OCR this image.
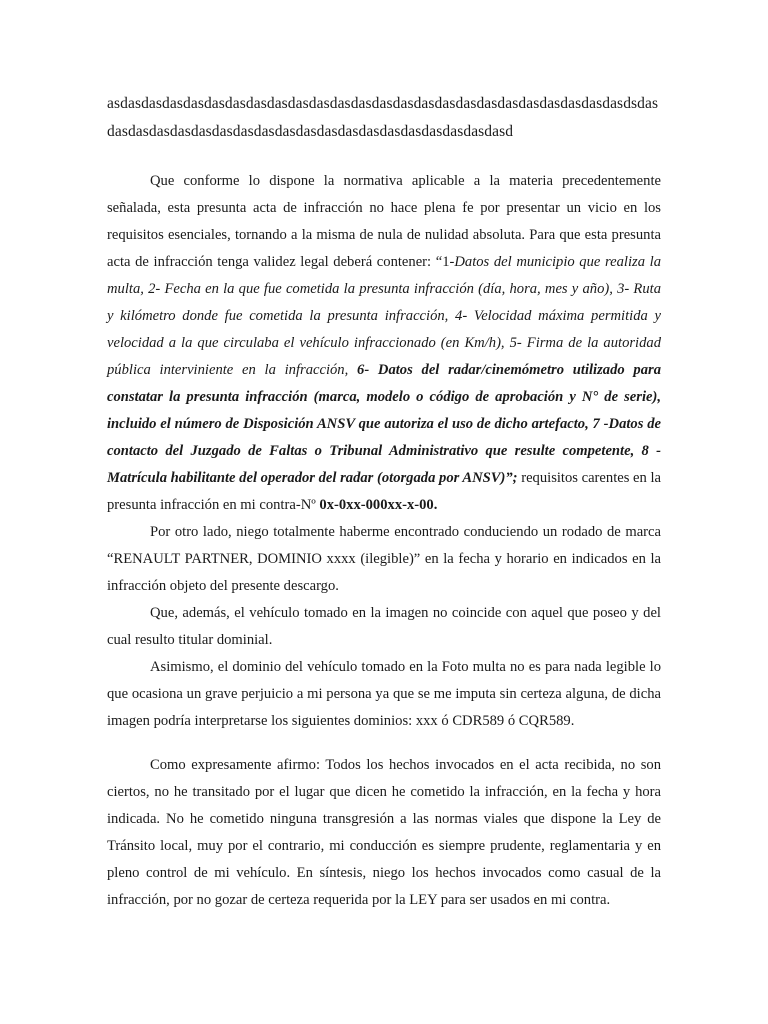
asdasdasdasdasdasdasdasdasdasdasdasdasdasdasdasdasdasdasdasdasdasdasdasdasdsdasdasdasdasdasdasdasdasdasdasdasdasdasdasdasdasdasdasdasdasd

Que conforme lo dispone la normativa aplicable a la materia precedentemente señalada, esta presunta acta de infracción no hace plena fe por presentar un vicio en los requisitos esenciales, tornando a la misma de nula de nulidad absoluta. Para que esta presunta acta de infracción tenga validez legal deberá contener: “1-Datos del municipio que realiza la multa, 2- Fecha en la que fue cometida la presunta infracción (día, hora, mes y año), 3- Ruta y kilómetro donde fue cometida la presunta infracción, 4- Velocidad máxima permitida y velocidad a la que circulaba el vehículo infraccionado (en Km/h), 5- Firma de la autoridad pública interviniente en la infracción, 6- Datos del radar/cinemómetro utilizado para constatar la presunta infracción (marca, modelo o código de aprobación y N° de serie), incluido el número de Disposición ANSV que autoriza el uso de dicho artefacto, 7 -Datos de contacto del Juzgado de Faltas o Tribunal Administrativo que resulte competente, 8 -Matrícula habilitante del operador del radar (otorgada por ANSV)”; requisitos carentes en la presunta infracción en mi contra-Nº 0x-0xx-000xx-x-00.

Por otro lado, niego totalmente haberme encontrado conduciendo un rodado de marca “RENAULT PARTNER, DOMINIO xxxx (ilegible)” en la fecha y horario en indicados en la infracción objeto del presente descargo.

Que, además, el vehículo tomado en la imagen no coincide con aquel que poseo y del cual resulto titular dominial.

Asimismo, el dominio del vehículo tomado en la Foto multa no es para nada legible lo que ocasiona un grave perjuicio a mi persona ya que se me imputa sin certeza alguna, de dicha imagen podría interpretarse los siguientes dominios: xxx ó CDR589 ó CQR589.

Como expresamente afirmo: Todos los hechos invocados en el acta recibida, no son ciertos, no he transitado por el lugar que dicen he cometido la infracción, en la fecha y hora indicada. No he cometido ninguna transgresión a las normas viales que dispone la Ley de Tránsito local, muy por el contrario, mi conducción es siempre prudente, reglamentaria y en pleno control de mi vehículo. En síntesis, niego los hechos invocados como casual de la infracción, por no gozar de certeza requerida por la LEY para ser usados en mi contra.
